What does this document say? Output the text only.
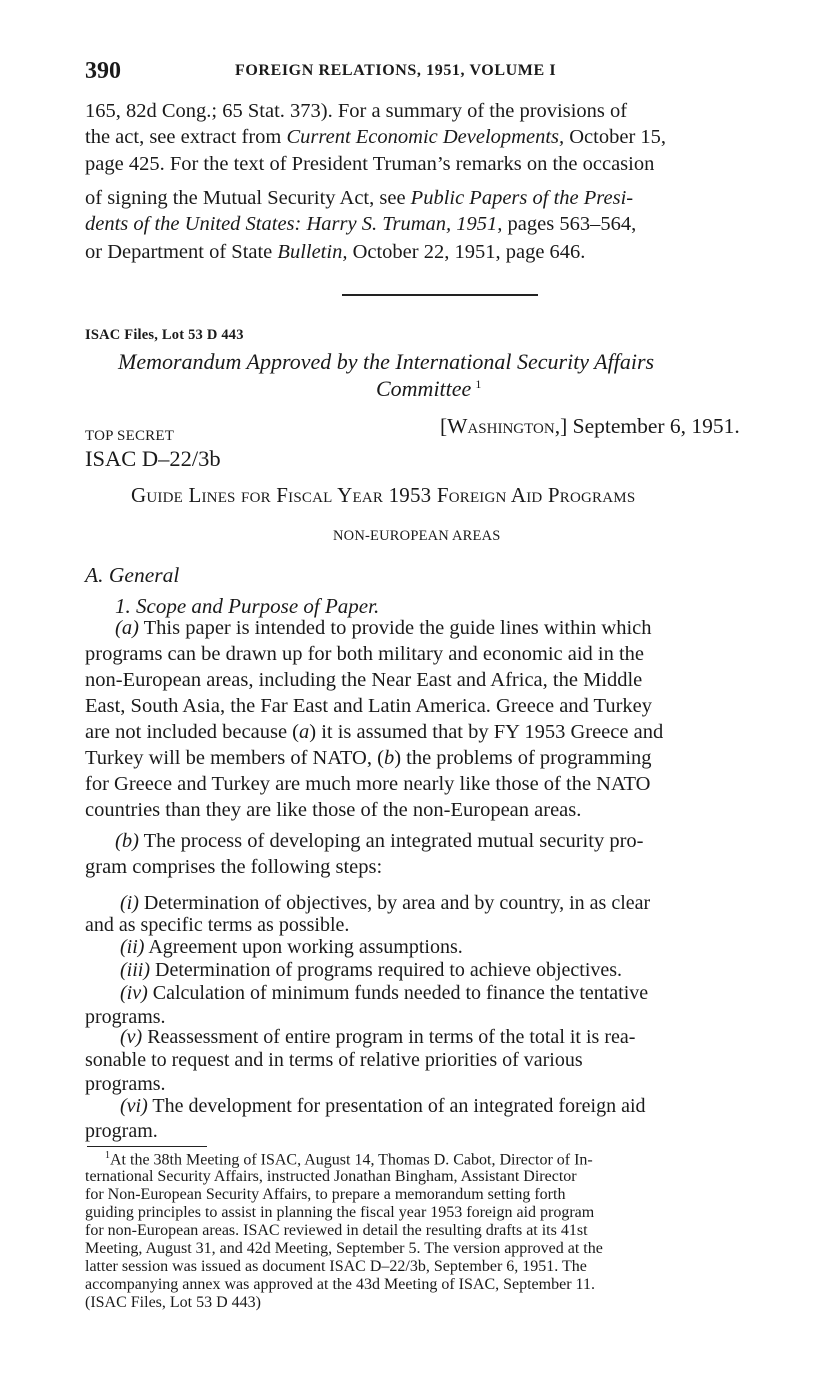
390	FOREIGN RELATIONS, 1951, VOLUME I
165, 82d Cong.; 65 Stat. 373). For a summary of the provisions of
the act, see extract from Current Economic Developments, October 15,
page 425. For the text of President Truman’s remarks on the occasion
of signing the Mutual Security Act, see Public Papers of the Presi-
dents of the United States: Harry S. Truman, 1951, pages 563–564,
or Department of State Bulletin, October 22, 1951, page 646.
ISAC Files, Lot 53 D 443
Memorandum Approved by the International Security Affairs
Committee $^1$
TOP SECRET	[Washington,] September 6, 1951.
ISAC D–22/3b
Guide Lines for Fiscal Year 1953 Foreign Aid Programs
NON-EUROPEAN AREAS
A. General
1. Scope and Purpose of Paper.
(a) This paper is intended to provide the guide lines within which
programs can be drawn up for both military and economic aid in the
non-European areas, including the Near East and Africa, the Middle
East, South Asia, the Far East and Latin America. Greece and Turkey
are not included because (a) it is assumed that by FY 1953 Greece and
Turkey will be members of NATO, (b) the problems of programming
for Greece and Turkey are much more nearly like those of the NATO
countries than they are like those of the non-European areas.
(b) The process of developing an integrated mutual security pro-
gram comprises the following steps:
(i) Determination of objectives, by area and by country, in as clear
and as specific terms as possible.
(ii) Agreement upon working assumptions.
(iii) Determination of programs required to achieve objectives.
(iv) Calculation of minimum funds needed to finance the tentative
programs.
(v) Reassessment of entire program in terms of the total it is rea-
sonable to request and in terms of relative priorities of various
programs.
(vi) The development for presentation of an integrated foreign aid
program.
$^1$At the 38th Meeting of ISAC, August 14, Thomas D. Cabot, Director of In-
ternational Security Affairs, instructed Jonathan Bingham, Assistant Director
for Non-European Security Affairs, to prepare a memorandum setting forth
guiding principles to assist in planning the fiscal year 1953 foreign aid program
for non-European areas. ISAC reviewed in detail the resulting drafts at its 41st
Meeting, August 31, and 42d Meeting, September 5. The version approved at the
latter session was issued as document ISAC D–22/3b, September 6, 1951. The
accompanying annex was approved at the 43d Meeting of ISAC, September 11.
(ISAC Files, Lot 53 D 443)
